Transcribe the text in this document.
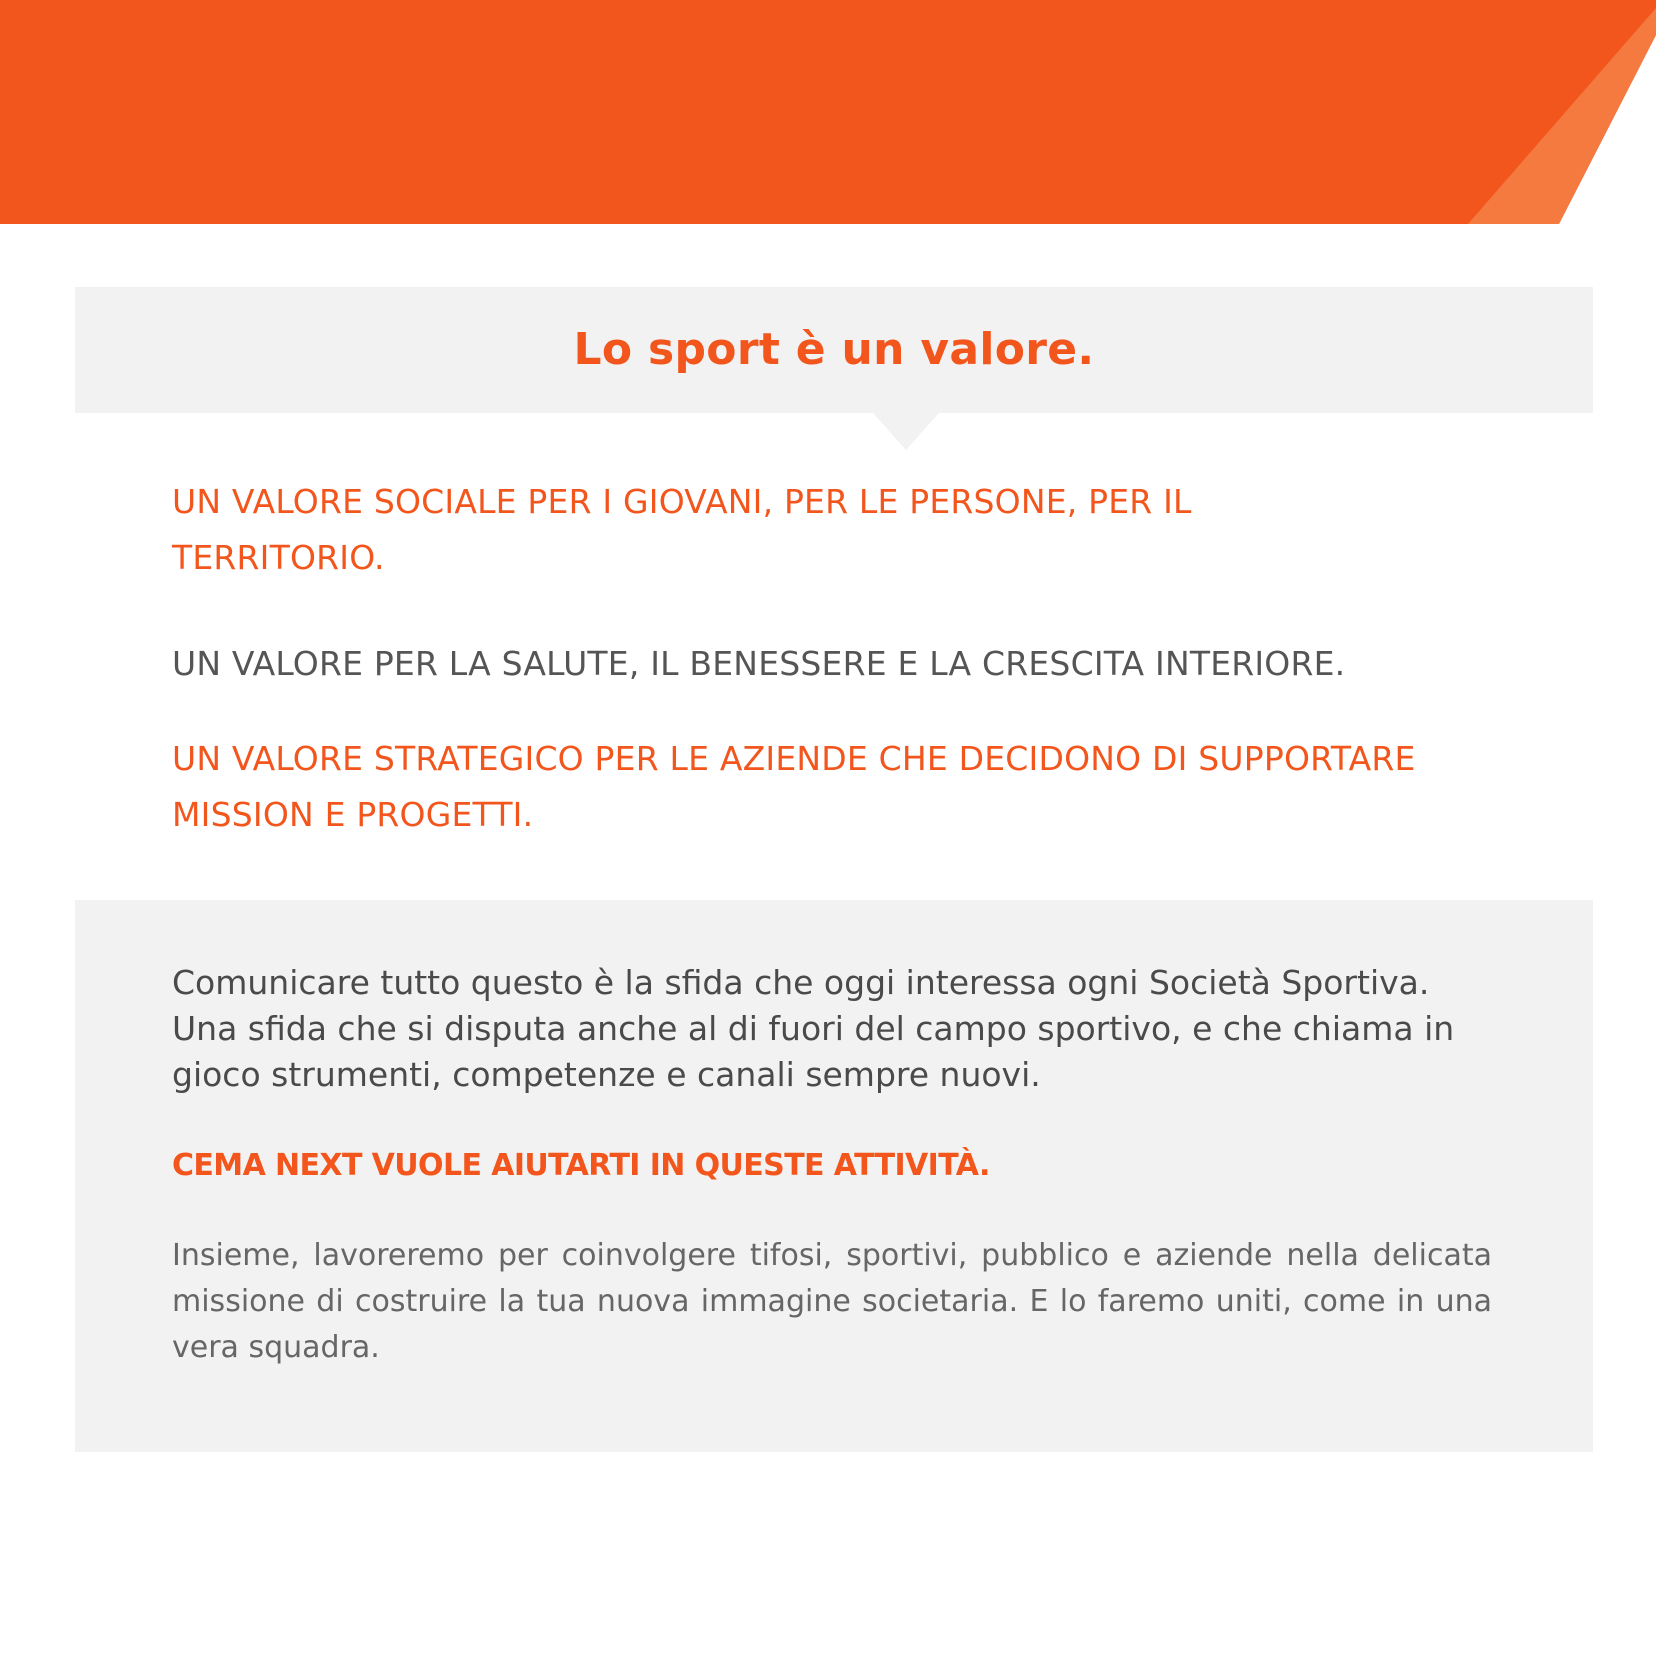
Lo sport è un valore.

UN VALORE SOCIALE PER I GIOVANI, PER LE PERSONE, PER IL

TERRITORIO.

UN VALORE PER LA SALUTE, IL BENESSERE E LA CRESCITA INTERIORE.

UN VALORE STRATEGICO PER LE AZIENDE CHE DECIDONO DI SUPPORTARE

MISSION E PROGETTI.

Comunicare tutto questo è la sfida che oggi interessa ogni Società Sportiva. Una sfida che si disputa anche al di fuori del campo sportivo, e che chiama in gioco strumenti, competenze e canali sempre nuovi.

CEMA NEXT VUOLE AIUTARTI IN QUESTE ATTIVITÀ.

Insieme, lavoreremo per coinvolgere tifosi, sportivi, pubblico e aziende nella delicata missione di costruire la tua nuova immagine societaria. E lo faremo uniti, come in una vera squadra.
